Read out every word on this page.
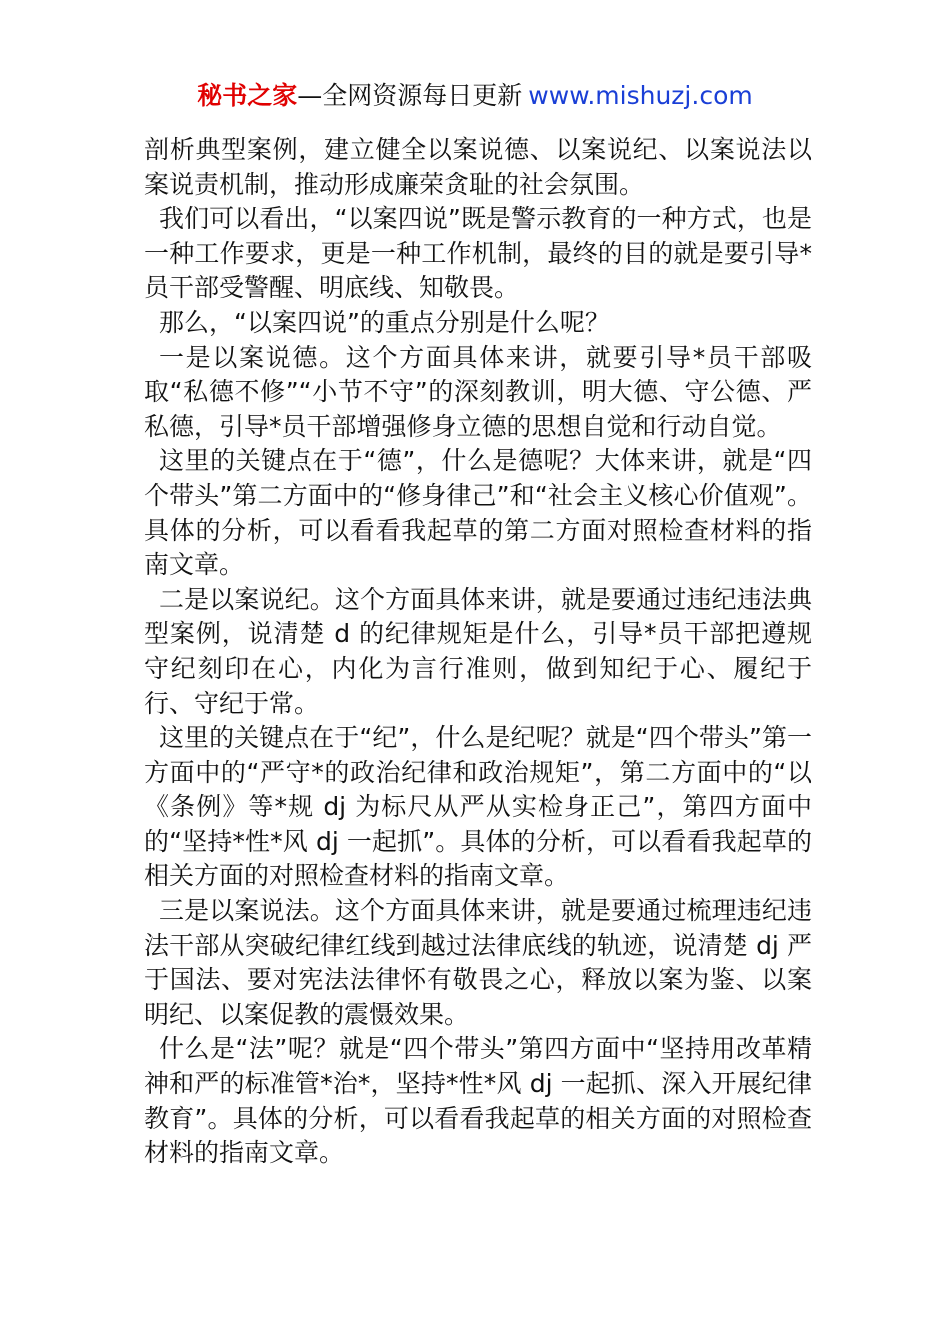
秘书之家—全网资源每日更新 www.mishuzj.com

剖析典型案例，建立健全以案说德、以案说纪、以案说法以案说责机制，推动形成廉荣贪耻的社会氛围。

我们可以看出，“以案四说”既是警示教育的一种方式，也是一种工作要求，更是一种工作机制，最终的目的就是要引导*员干部受警醒、明底线、知敬畏。

那么，“以案四说”的重点分别是什么呢？

一是以案说德。这个方面具体来讲，就要引导*员干部吸取“私德不修”“小节不守”的深刻教训，明大德、守公德、严私德，引导*员干部增强修身立德的思想自觉和行动自觉。

这里的关键点在于“德”，什么是德呢？大体来讲，就是“四个带头”第二方面中的“修身律己”和“社会主义核心价值观”。具体的分析，可以看看我起草的第二方面对照检查材料的指南文章。

二是以案说纪。这个方面具体来讲，就是要通过违纪违法典型案例，说清楚 d 的纪律规矩是什么，引导*员干部把遵规守纪刻印在心，内化为言行准则，做到知纪于心、履纪于行、守纪于常。

这里的关键点在于“纪”，什么是纪呢？就是“四个带头”第一方面中的“严守*的政治纪律和政治规矩”，第二方面中的“以《条例》等*规 dj 为标尺从严从实检身正己”，第四方面中的“坚持*性*风 dj 一起抓”。具体的分析，可以看看我起草的相关方面的对照检查材料的指南文章。

三是以案说法。这个方面具体来讲，就是要通过梳理违纪违法干部从突破纪律红线到越过法律底线的轨迹，说清楚 dj 严于国法、要对宪法法律怀有敬畏之心，释放以案为鉴、以案明纪、以案促教的震慑效果。

什么是“法”呢？就是“四个带头”第四方面中“坚持用改革精神和严的标准管*治*，坚持*性*风 dj 一起抓、深入开展纪律教育”。具体的分析，可以看看我起草的相关方面的对照检查材料的指南文章。
